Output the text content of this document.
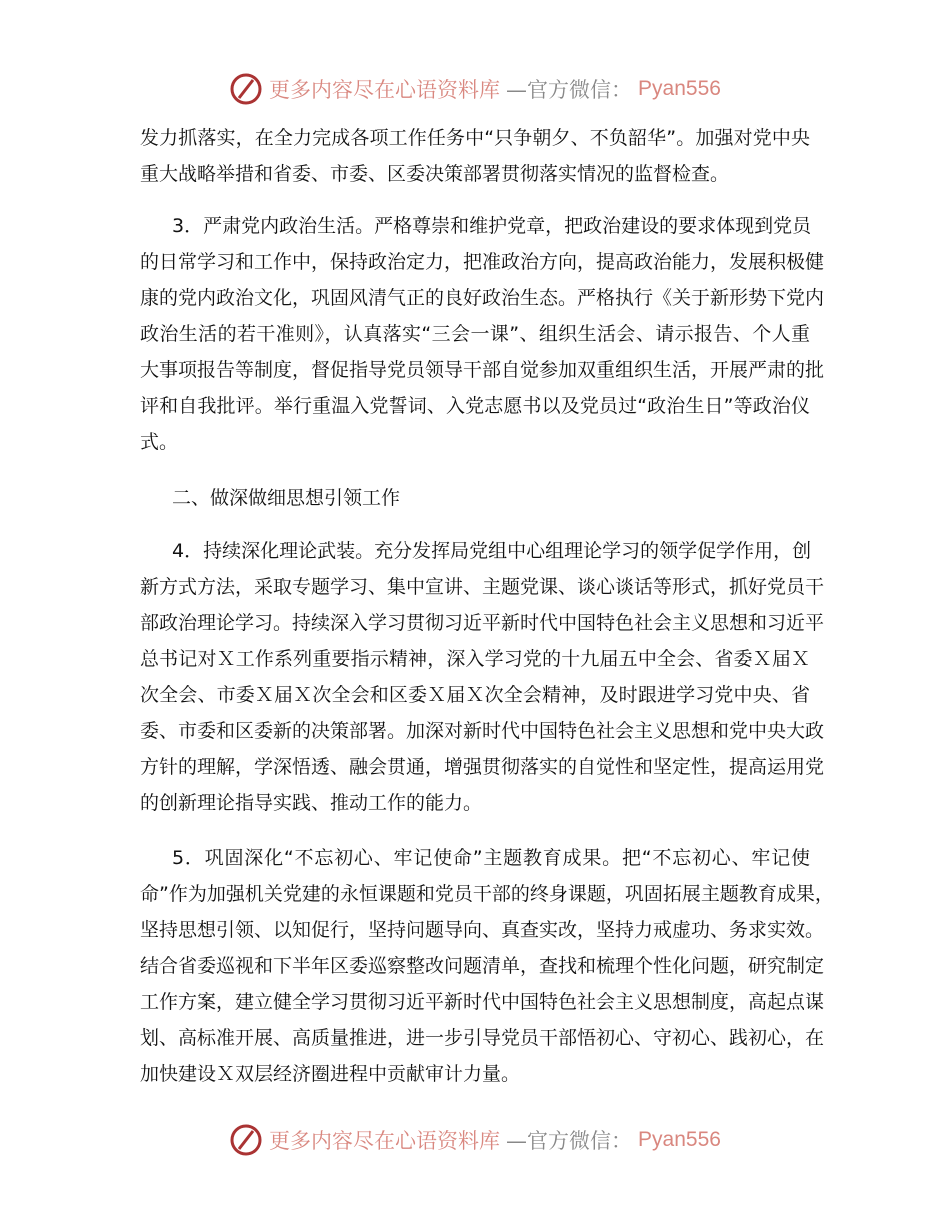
更多内容尽在心语资料库 —官方微信： Pyan556
发力抓落实，在全力完成各项工作任务中“只争朝夕、不负韶华”。加强对党中央
重大战略举措和省委、市委、区委决策部署贯彻落实情况的监督检查。
3．严肃党内政治生活。严格尊崇和维护党章，把政治建设的要求体现到党员
的日常学习和工作中，保持政治定力，把准政治方向，提高政治能力，发展积极健
康的党内政治文化，巩固风清气正的良好政治生态。严格执行《关于新形势下党内
政治生活的若干准则》，认真落实“三会一课”、组织生活会、请示报告、个人重
大事项报告等制度，督促指导党员领导干部自觉参加双重组织生活，开展严肃的批
评和自我批评。举行重温入党誓词、入党志愿书以及党员过“政治生日”等政治仪
式。
二、做深做细思想引领工作
4．持续深化理论武装。充分发挥局党组中心组理论学习的领学促学作用，创
新方式方法，采取专题学习、集中宣讲、主题党课、谈心谈话等形式，抓好党员干
部政治理论学习。持续深入学习贯彻习近平新时代中国特色社会主义思想和习近平
总书记对Ｘ工作系列重要指示精神，深入学习党的十九届五中全会、省委Ｘ届Ｘ
次全会、市委Ｘ届Ｘ次全会和区委Ｘ届Ｘ次全会精神，及时跟进学习党中央、省
委、市委和区委新的决策部署。加深对新时代中国特色社会主义思想和党中央大政
方针的理解，学深悟透、融会贯通，增强贯彻落实的自觉性和坚定性，提高运用党
的创新理论指导实践、推动工作的能力。
5．巩固深化“不忘初心、牢记使命”主题教育成果。把“不忘初心、牢记使
命”作为加强机关党建的永恒课题和党员干部的终身课题，巩固拓展主题教育成果，
坚持思想引领、以知促行，坚持问题导向、真查实改，坚持力戒虚功、务求实效。
结合省委巡视和下半年区委巡察整改问题清单，查找和梳理个性化问题，研究制定
工作方案，建立健全学习贯彻习近平新时代中国特色社会主义思想制度，高起点谋
划、高标准开展、高质量推进，进一步引导党员干部悟初心、守初心、践初心，在
加快建设Ｘ双层经济圈进程中贡献审计力量。
更多内容尽在心语资料库 —官方微信： Pyan556
